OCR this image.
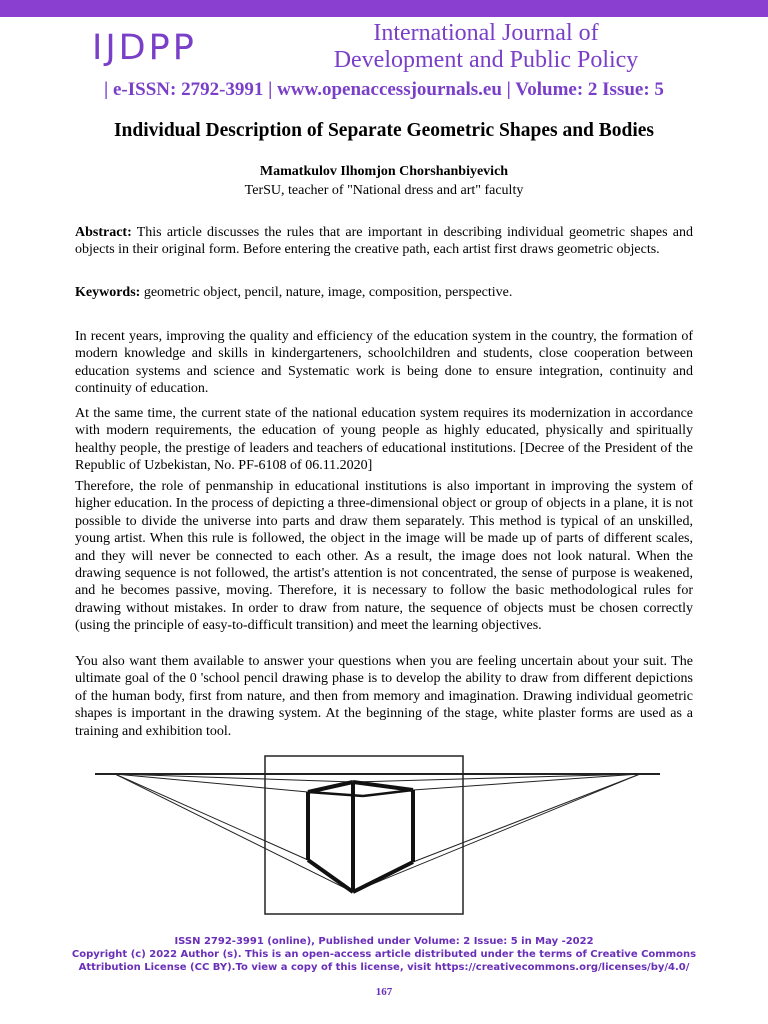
IJDPP	International Journal of
Development and Public Policy
| e-ISSN: 2792-3991 | www.openaccessjournals.eu | Volume: 2 Issue: 5
Individual Description of Separate Geometric Shapes and Bodies
Mamatkulov Ilhomjon Chorshanbiyevich
TerSU, teacher of "National dress and art" faculty
Abstract: This article discusses the rules that are important in describing individual geometric shapes and objects in their original form. Before entering the creative path, each artist first draws geometric objects.
Keywords: geometric object, pencil, nature, image, composition, perspective.
In recent years, improving the quality and efficiency of the education system in the country, the formation of modern knowledge and skills in kindergarteners, schoolchildren and students, close cooperation between education systems and science and Systematic work is being done to ensure integration, continuity and continuity of education.
At the same time, the current state of the national education system requires its modernization in accordance with modern requirements, the education of young people as highly educated, physically and spiritually healthy people, the prestige of leaders and teachers of educational institutions. [Decree of the President of the Republic of Uzbekistan, No. PF-6108 of 06.11.2020]
Therefore, the role of penmanship in educational institutions is also important in improving the system of higher education. In the process of depicting a three-dimensional object or group of objects in a plane, it is not possible to divide the universe into parts and draw them separately. This method is typical of an unskilled, young artist. When this rule is followed, the object in the image will be made up of parts of different scales, and they will never be connected to each other. As a result, the image does not look natural. When the drawing sequence is not followed, the artist's attention is not concentrated, the sense of purpose is weakened, and he becomes passive, moving. Therefore, it is necessary to follow the basic methodological rules for drawing without mistakes. In order to draw from nature, the sequence of objects must be chosen correctly (using the principle of easy-to-difficult transition) and meet the learning objectives.
You also want them available to answer your questions when you are feeling uncertain about your suit. The ultimate goal of the 0 'school pencil drawing phase is to develop the ability to draw from different depictions of the human body, first from nature, and then from memory and imagination. Drawing individual geometric shapes is important in the drawing system. At the beginning of the stage, white plaster forms are used as a training and exhibition tool.
ISSN 2792-3991 (online), Published under Volume: 2 Issue: 5 in May -2022
Copyright (c) 2022 Author (s). This is an open-access article distributed under the terms of Creative Commons
Attribution License (CC BY).To view a copy of this license, visit https://creativecommons.org/licenses/by/4.0/
167
